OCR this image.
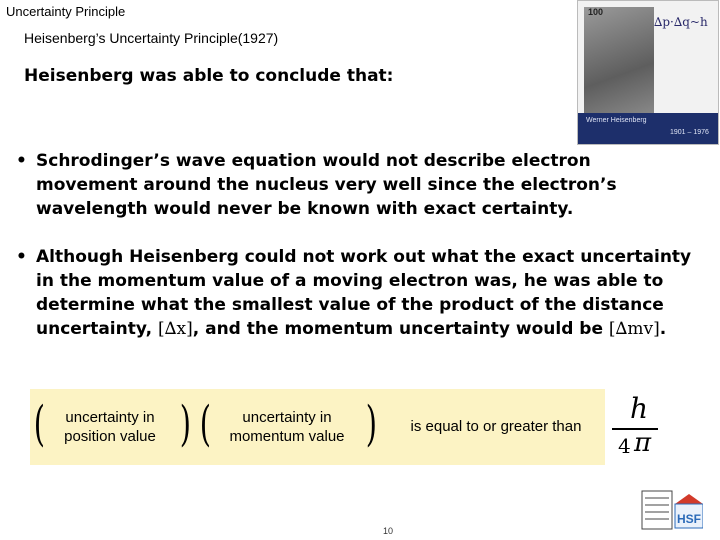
Uncertainty Principle
Heisenberg’s Uncertainty Principle(1927)
100
∆p·∆q~h
Werner Heisenberg
1901 – 1976
Heisenberg was able to conclude that:
• Schrodinger’s wave equation would not describe electron movement around the nucleus very well since the electron’s wavelength would never be known with exact certainty.
• Although Heisenberg could not work out what the exact uncertainty in the momentum value of a moving electron was, he was able to determine what the smallest value of the product of the distance uncertainty, [∆x], and the momentum uncertainty would be [∆mv].
(	uncertainty in position value ) (	uncertainty in momentum value )	is equal to or greater than
h
4 π
10
HSF
